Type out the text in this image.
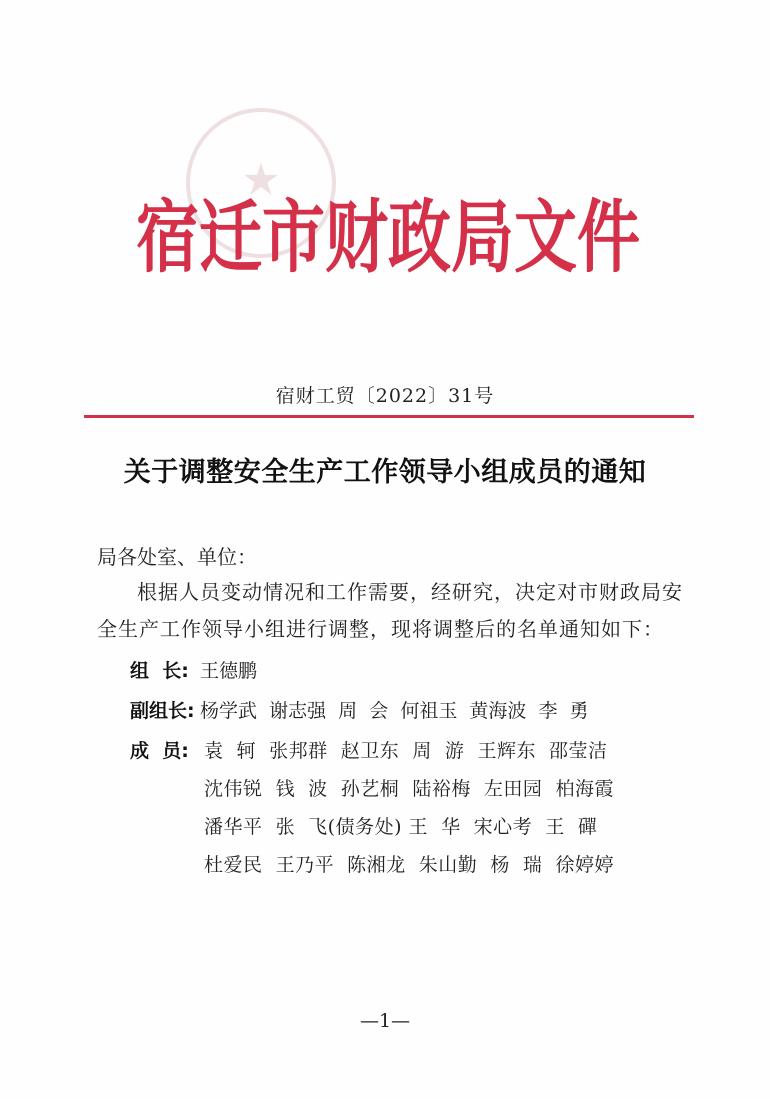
★
宿迁市财政局文件
宿财工贸〔2022〕31号
关于调整安全生产工作领导小组成员的通知
局各处室、单位：
根据人员变动情况和工作需要，经研究，决定对市财政局安全生产工作领导小组进行调整，现将调整后的名单通知如下：
组  长: 王德鹏
副组长: 杨学武  谢志强  周  会  何祖玉  黄海波  李  勇
成  员: 袁  轲  张邦群  赵卫东  周  游  王辉东  邵莹洁
沈伟锐  钱  波  孙艺桐  陆裕梅  左田园  柏海霞
潘华平  张  飞(债务处) 王  华  宋心考  王  磾
杜爱民  王乃平  陈湘龙  朱山勤  杨  瑞  徐婷婷
—1—
